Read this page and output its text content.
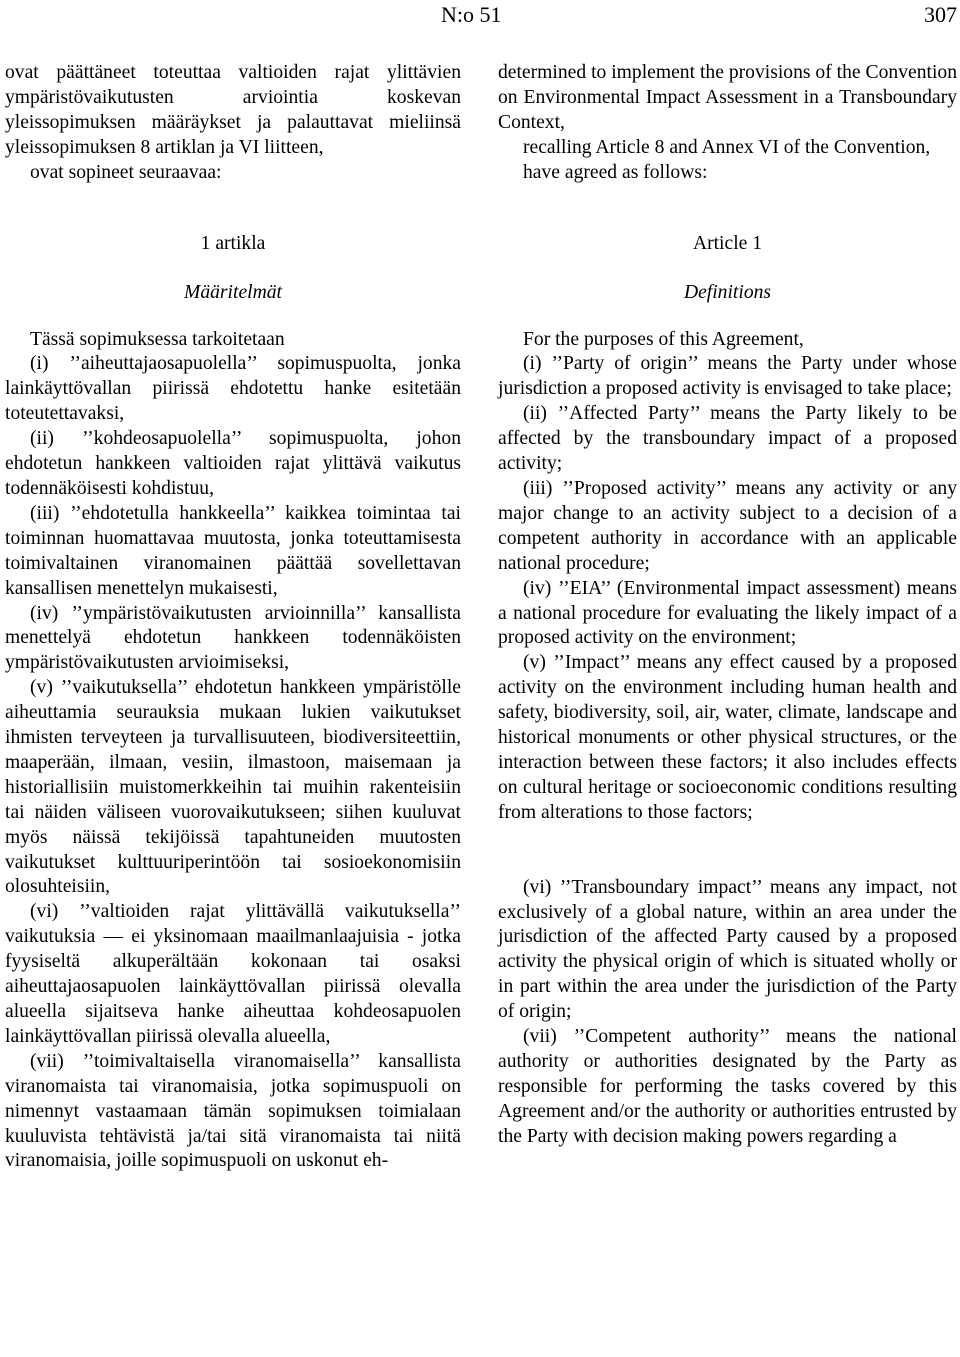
N:o 51	307

ovat päättäneet toteuttaa valtioiden rajat ylittävien ympäristövaikutusten arviointia koskevan yleissopimuksen määräykset ja palauttavat mieliinsä yleissopimuksen 8 artiklan ja VI liitteen,

ovat sopineet seuraavaa:

1 artikla

Määritelmät

Tässä sopimuksessa tarkoitetaan

(i) ’’aiheuttajaosapuolella’’ sopimuspuolta, jonka lainkäyttövallan piirissä ehdotettu hanke esitetään toteutettavaksi,

(ii) ’’kohdeosapuolella’’ sopimuspuolta, johon ehdotetun hankkeen valtioiden rajat ylittävä vaikutus todennäköisesti kohdistuu,

(iii) ’’ehdotetulla hankkeella’’ kaikkea toimintaa tai toiminnan huomattavaa muutosta, jonka toteuttamisesta toimivaltainen viranomainen päättää sovellettavan kansallisen menettelyn mukaisesti,

(iv) ’’ympäristövaikutusten arvioinnilla’’ kansallista menettelyä ehdotetun hankkeen todennäköisten ympäristövaikutusten arvioimiseksi,

(v) ’’vaikutuksella’’ ehdotetun hankkeen ympäristölle aiheuttamia seurauksia mukaan lukien vaikutukset ihmisten terveyteen ja turvallisuuteen, biodiversiteettiin, maaperään, ilmaan, vesiin, ilmastoon, maisemaan ja historiallisiin muistomerkkeihin tai muihin rakenteisiin tai näiden väliseen vuorovaikutukseen; siihen kuuluvat myös näissä tekijöissä tapahtuneiden muutosten vaikutukset kulttuuriperintöön tai sosioekonomisiin olosuhteisiin,

(vi) ’’valtioiden rajat ylittävällä vaikutuksella’’ vaikutuksia — ei yksinomaan maailmanlaajuisia - jotka fyysiseltä alkuperältään kokonaan tai osaksi aiheuttajaosapuolen lainkäyttövallan piirissä olevalla alueella sijaitseva hanke aiheuttaa kohdeosapuolen lainkäyttövallan piirissä olevalla alueella,

(vii) ’’toimivaltaisella viranomaisella’’ kansallista viranomaista tai viranomaisia, jotka sopimuspuoli on nimennyt vastaamaan tämän sopimuksen toimialaan kuuluvista tehtävistä ja/tai sitä viranomaista tai niitä viranomaisia, joille sopimuspuoli on uskonut eh-

determined to implement the provisions of the Convention on Environmental Impact Assessment in a Transboundary Context,

recalling Article 8 and Annex VI of the Convention,

have agreed as follows:

Article 1

Definitions

For the purposes of this Agreement,

(i) ’’Party of origin’’ means the Party under whose jurisdiction a proposed activity is envisaged to take place;

(ii) ’’Affected Party’’ means the Party likely to be affected by the transboundary impact of a proposed activity;

(iii) ’’Proposed activity’’ means any activity or any major change to an activity subject to a decision of a competent authority in accordance with an applicable national procedure;

(iv) ’’EIA’’ (Environmental impact assessment) means a national procedure for evaluating the likely impact of a proposed activity on the environment;

(v) ’’Impact’’ means any effect caused by a proposed activity on the environment including human health and safety, biodiversity, soil, air, water, climate, landscape and historical monuments or other physical structures, or the interaction between these factors; it also includes effects on cultural heritage or socioeconomic conditions resulting from alterations to those factors;

(vi) ’’Transboundary impact’’ means any impact, not exclusively of a global nature, within an area under the jurisdiction of the affected Party caused by a proposed activity the physical origin of which is situated wholly or in part within the area under the jurisdiction of the Party of origin;

(vii) ’’Competent authority’’ means the national authority or authorities designated by the Party as responsible for performing the tasks covered by this Agreement and/or the authority or authorities entrusted by the Party with decision making powers regarding a
